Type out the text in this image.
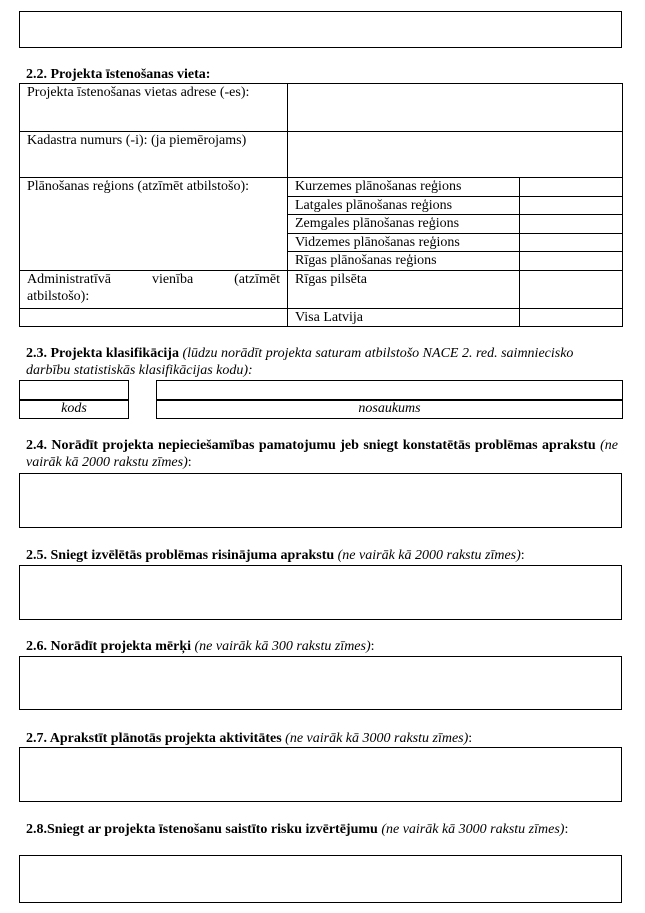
2.2. Projekta īstenošanas vieta:
Projekta īstenošanas vietas adrese (-es):		
Kadastra numurs (-i): (ja piemērojams)		
Plānošanas reģions (atzīmēt atbilstošo):	Kurzemes plānošanas reģions	
	Latgales plānošanas reģions	
	Zemgales plānošanas reģions	
	Vidzemes plānošanas reģions	
	Rīgas plānošanas reģions	

Administratīvā vienība (atzīmēt
atbilstošo):	Rīgas pilsēta	
	Visa Latvija	
2.3. Projekta klasifikācija (lūdzu norādīt projekta saturam atbilstošo NACE 2. red. saimniecisko darbību statistiskās klasifikācijas kodu):
kods	nosaukums
2.4. Norādīt projekta nepieciešamības pamatojumu jeb sniegt konstatētās problēmas aprakstu (ne vairāk kā 2000 rakstu zīmes):
2.5. Sniegt izvēlētās problēmas risinājuma aprakstu (ne vairāk kā 2000 rakstu zīmes):
2.6. Norādīt projekta mērķi (ne vairāk kā 300 rakstu zīmes):
2.7. Aprakstīt plānotās projekta aktivitātes (ne vairāk kā 3000 rakstu zīmes):
2.8.Sniegt ar projekta īstenošanu saistīto risku izvērtējumu (ne vairāk kā 3000 rakstu zīmes):
